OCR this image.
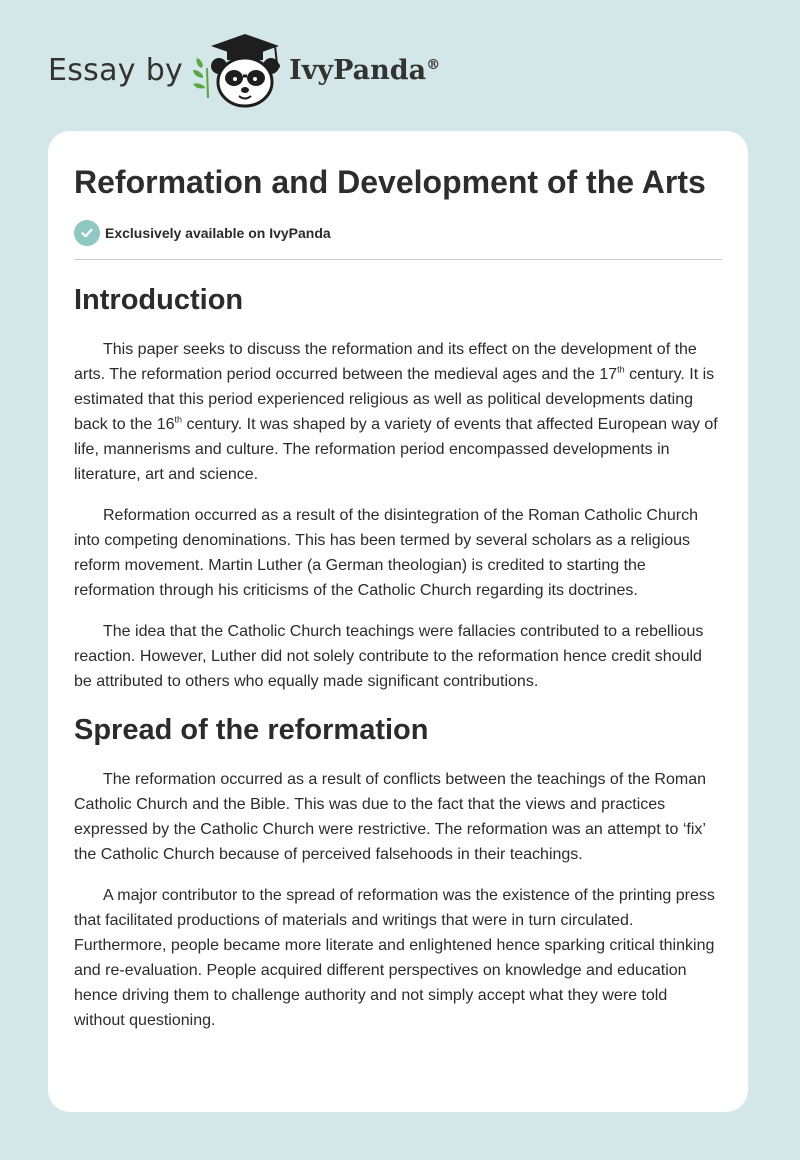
Essay by	IvyPanda®
Reformation and Development of the Arts
Exclusively available on IvyPanda
Introduction

This paper seeks to discuss the reformation and its effect on the development of the arts. The reformation period occurred between the medieval ages and the 17th century. It is estimated that this period experienced religious as well as political developments dating back to the 16th century. It was shaped by a variety of events that affected European way of life, mannerisms and culture. The reformation period encompassed developments in literature, art and science.

Reformation occurred as a result of the disintegration of the Roman Catholic Church into competing denominations. This has been termed by several scholars as a religious reform movement. Martin Luther (a German theologian) is credited to starting the reformation through his criticisms of the Catholic Church regarding its doctrines.

The idea that the Catholic Church teachings were fallacies contributed to a rebellious reaction. However, Luther did not solely contribute to the reformation hence credit should be attributed to others who equally made significant contributions.

Spread of the reformation

The reformation occurred as a result of conflicts between the teachings of the Roman Catholic Church and the Bible. This was due to the fact that the views and practices expressed by the Catholic Church were restrictive. The reformation was an attempt to ‘fix’ the Catholic Church because of perceived falsehoods in their teachings.

A major contributor to the spread of reformation was the existence of the printing press that facilitated productions of materials and writings that were in turn circulated. Furthermore, people became more literate and enlightened hence sparking critical thinking and re-evaluation. People acquired different perspectives on knowledge and education hence driving them to challenge authority and not simply accept what they were told without questioning.
